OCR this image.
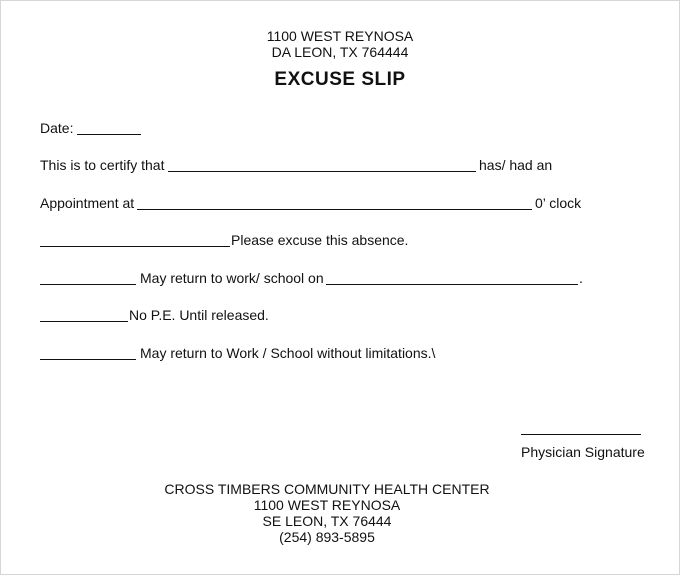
1100 WEST REYNOSA
DA LEON, TX 764444
EXCUSE SLIP
Date:
This is to certify that	has/ had an
Appointment at	0’ clock
Please excuse this absence.
May return to work/ school on	.
No P.E. Until released.
May return to Work / School without limitations.\
Physician Signature
CROSS TIMBERS COMMUNITY HEALTH CENTER
1100 WEST REYNOSA
SE LEON, TX 76444
(254) 893-5895
